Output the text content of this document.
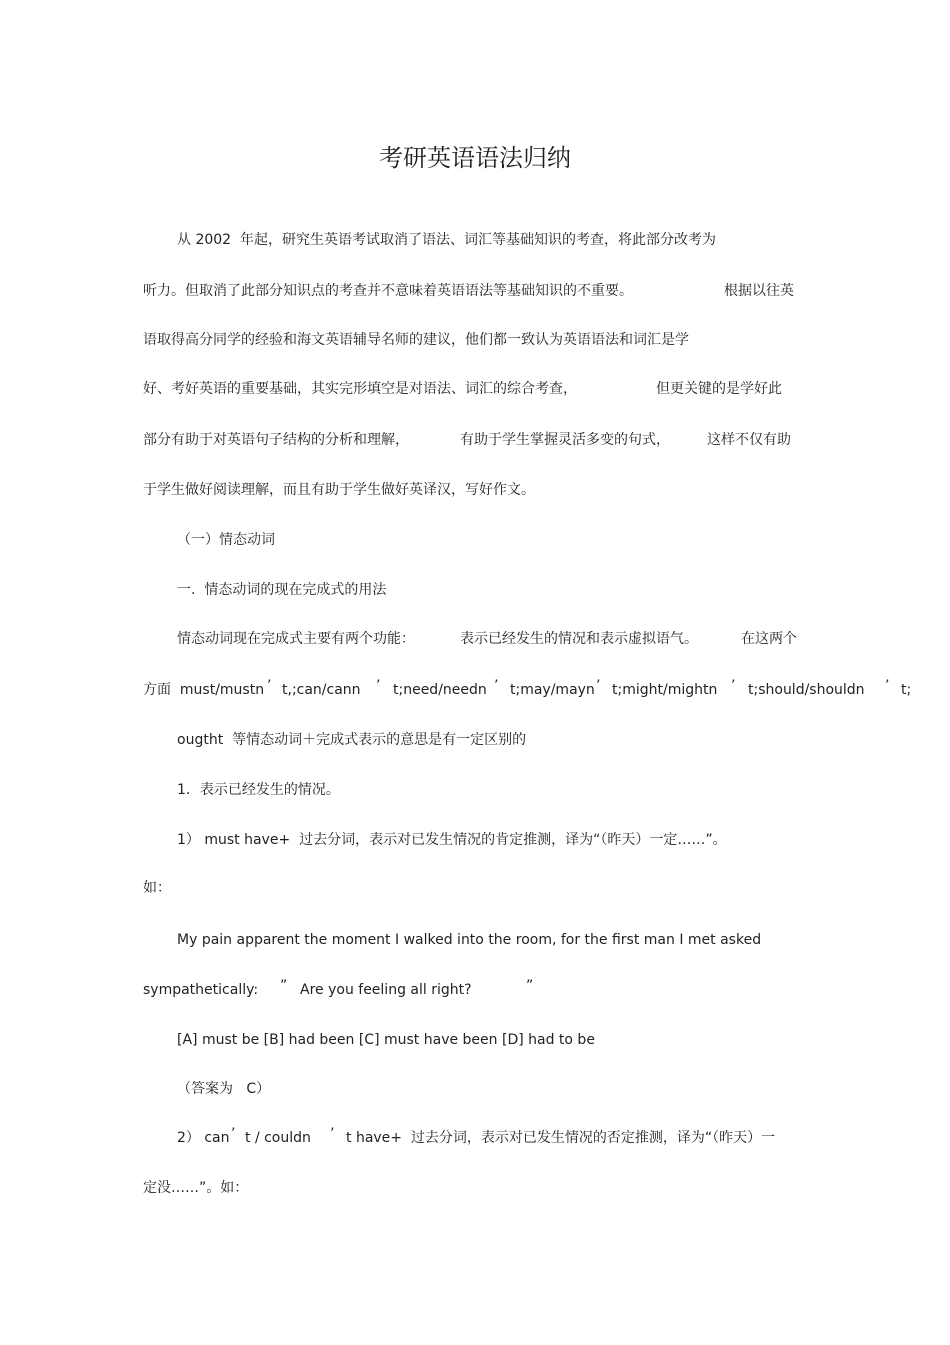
考研英语语法归纳
从 2002  年起，研究生英语考试取消了语法、词汇等基础知识的考查，将此部分改考为
听力。但取消了此部分知识点的考查并不意味着英语语法等基础知识的不重要。	根据以往英
语取得高分同学的经验和海文英语辅导名师的建议，他们都一致认为英语语法和词汇是学
好、考好英语的重要基础，其实完形填空是对语法、词汇的综合考查，	但更关键的是学好此
部分有助于对英语句子结构的分析和理解，	有助于学生掌握灵活多变的句式，	这样不仅有助
于学生做好阅读理解，而且有助于学生做好英译汉，写好作文。
（一）情态动词
一.  情态动词的现在完成式的用法
情态动词现在完成式主要有两个功能：	表示已经发生的情况和表示虚拟语气。	在这两个
方面  must/mustn ’ t,;can/cann ’ t;need/needn ’ t;may/mayn ’ t;might/mightn ’ t;should/shouldn ’ t;
ougtht  等情态动词＋完成式表示的意思是有一定区别的
1．表示已经发生的情况。
1） must have+  过去分词，表示对已发生情况的肯定推测，译为“（昨天）一定……”。
如：
My pain apparent the moment I walked into the room, for the first man I met asked
sympathetically: ” Are you feeling all right?	”
[A] must be [B] had been [C] must have been [D] had to be
（答案为   C）
2） can ’ t / couldn ’ t have+  过去分词，表示对已发生情况的否定推测，译为“（昨天）一
定没……”。如：
